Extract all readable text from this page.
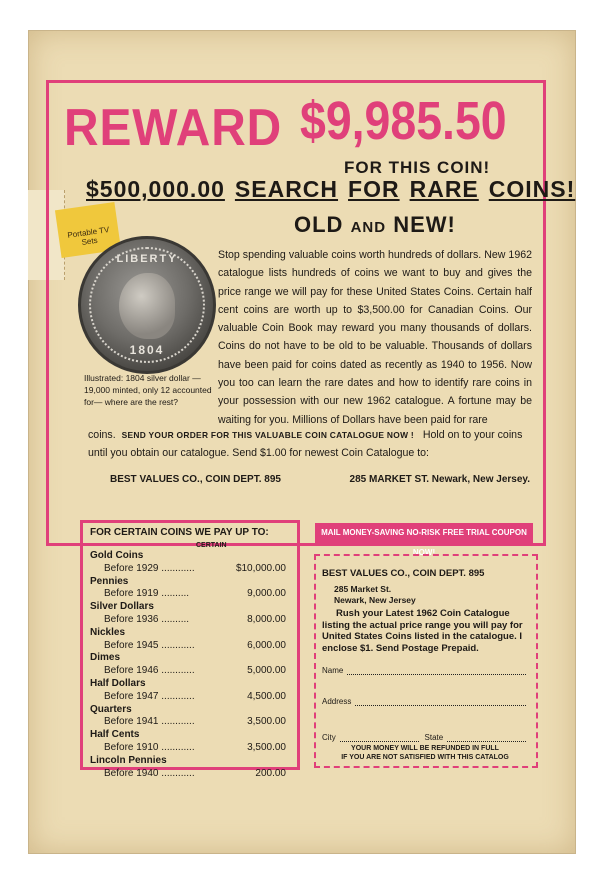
REWARD $9,985.50
FOR THIS COIN!
$500,000.00 SEARCH FOR RARE COINS!
OLD AND NEW!
Portable TV Sets
LIBERTY
1804
Illustrated: 1804 silver dollar — 19,000 minted, only 12 accounted for— where are the rest?
Stop spending valuable coins worth hundreds of dollars. New 1962 catalogue lists hundreds of coins we want to buy and gives the price range we will pay for these United States Coins. Certain half cent coins are worth up to $3,500.00 for Canadian Coins. Our valuable Coin Book may reward you many thousands of dollars. Coins do not have to be old to be valuable. Thousands of dollars have been paid for coins dated as recently as 1940 to 1956. Now you too can learn the rare dates and how to identify rare coins in your possession with our new 1962 catalogue. A fortune may be waiting for you. Millions of Dollars have been paid for rare
coins. SEND YOUR ORDER FOR THIS VALUABLE COIN CATALOGUE NOW ! Hold on to your coins until you obtain our catalogue. Send $1.00 for newest Coin Catalogue to:
BEST VALUES CO., COIN DEPT. 895	285 MARKET ST. Newark, New Jersey.
FOR CERTAIN COINS WE PAY UP TO:
CERTAIN
Gold Coins
Before 1929 ............	$10,000.00
Pennies
Before 1919 ..........	9,000.00
Silver Dollars
Before 1936 ..........	8,000.00
Nickles
Before 1945 ............	6,000.00
Dimes
Before 1946 ............	5,000.00
Half Dollars
Before 1947 ............	4,500.00
Quarters
Before 1941 ............	3,500.00
Half Cents
Before 1910 ............	3,500.00
Lincoln Pennies
Before 1940 ............	200.00
MAIL MONEY-SAVING NO-RISK FREE TRIAL COUPON NOW!
BEST VALUES CO., COIN DEPT. 895
285 Market St.
Newark, New Jersey
Rush your Latest 1962 Coin Catalogue listing the actual price range you will pay for United States Coins listed in the catalogue. I enclose $1. Send Postage Prepaid.
Name
Address
City	State
YOUR MONEY WILL BE REFUNDED IN FULL
IF YOU ARE NOT SATISFIED WITH THIS CATALOG
